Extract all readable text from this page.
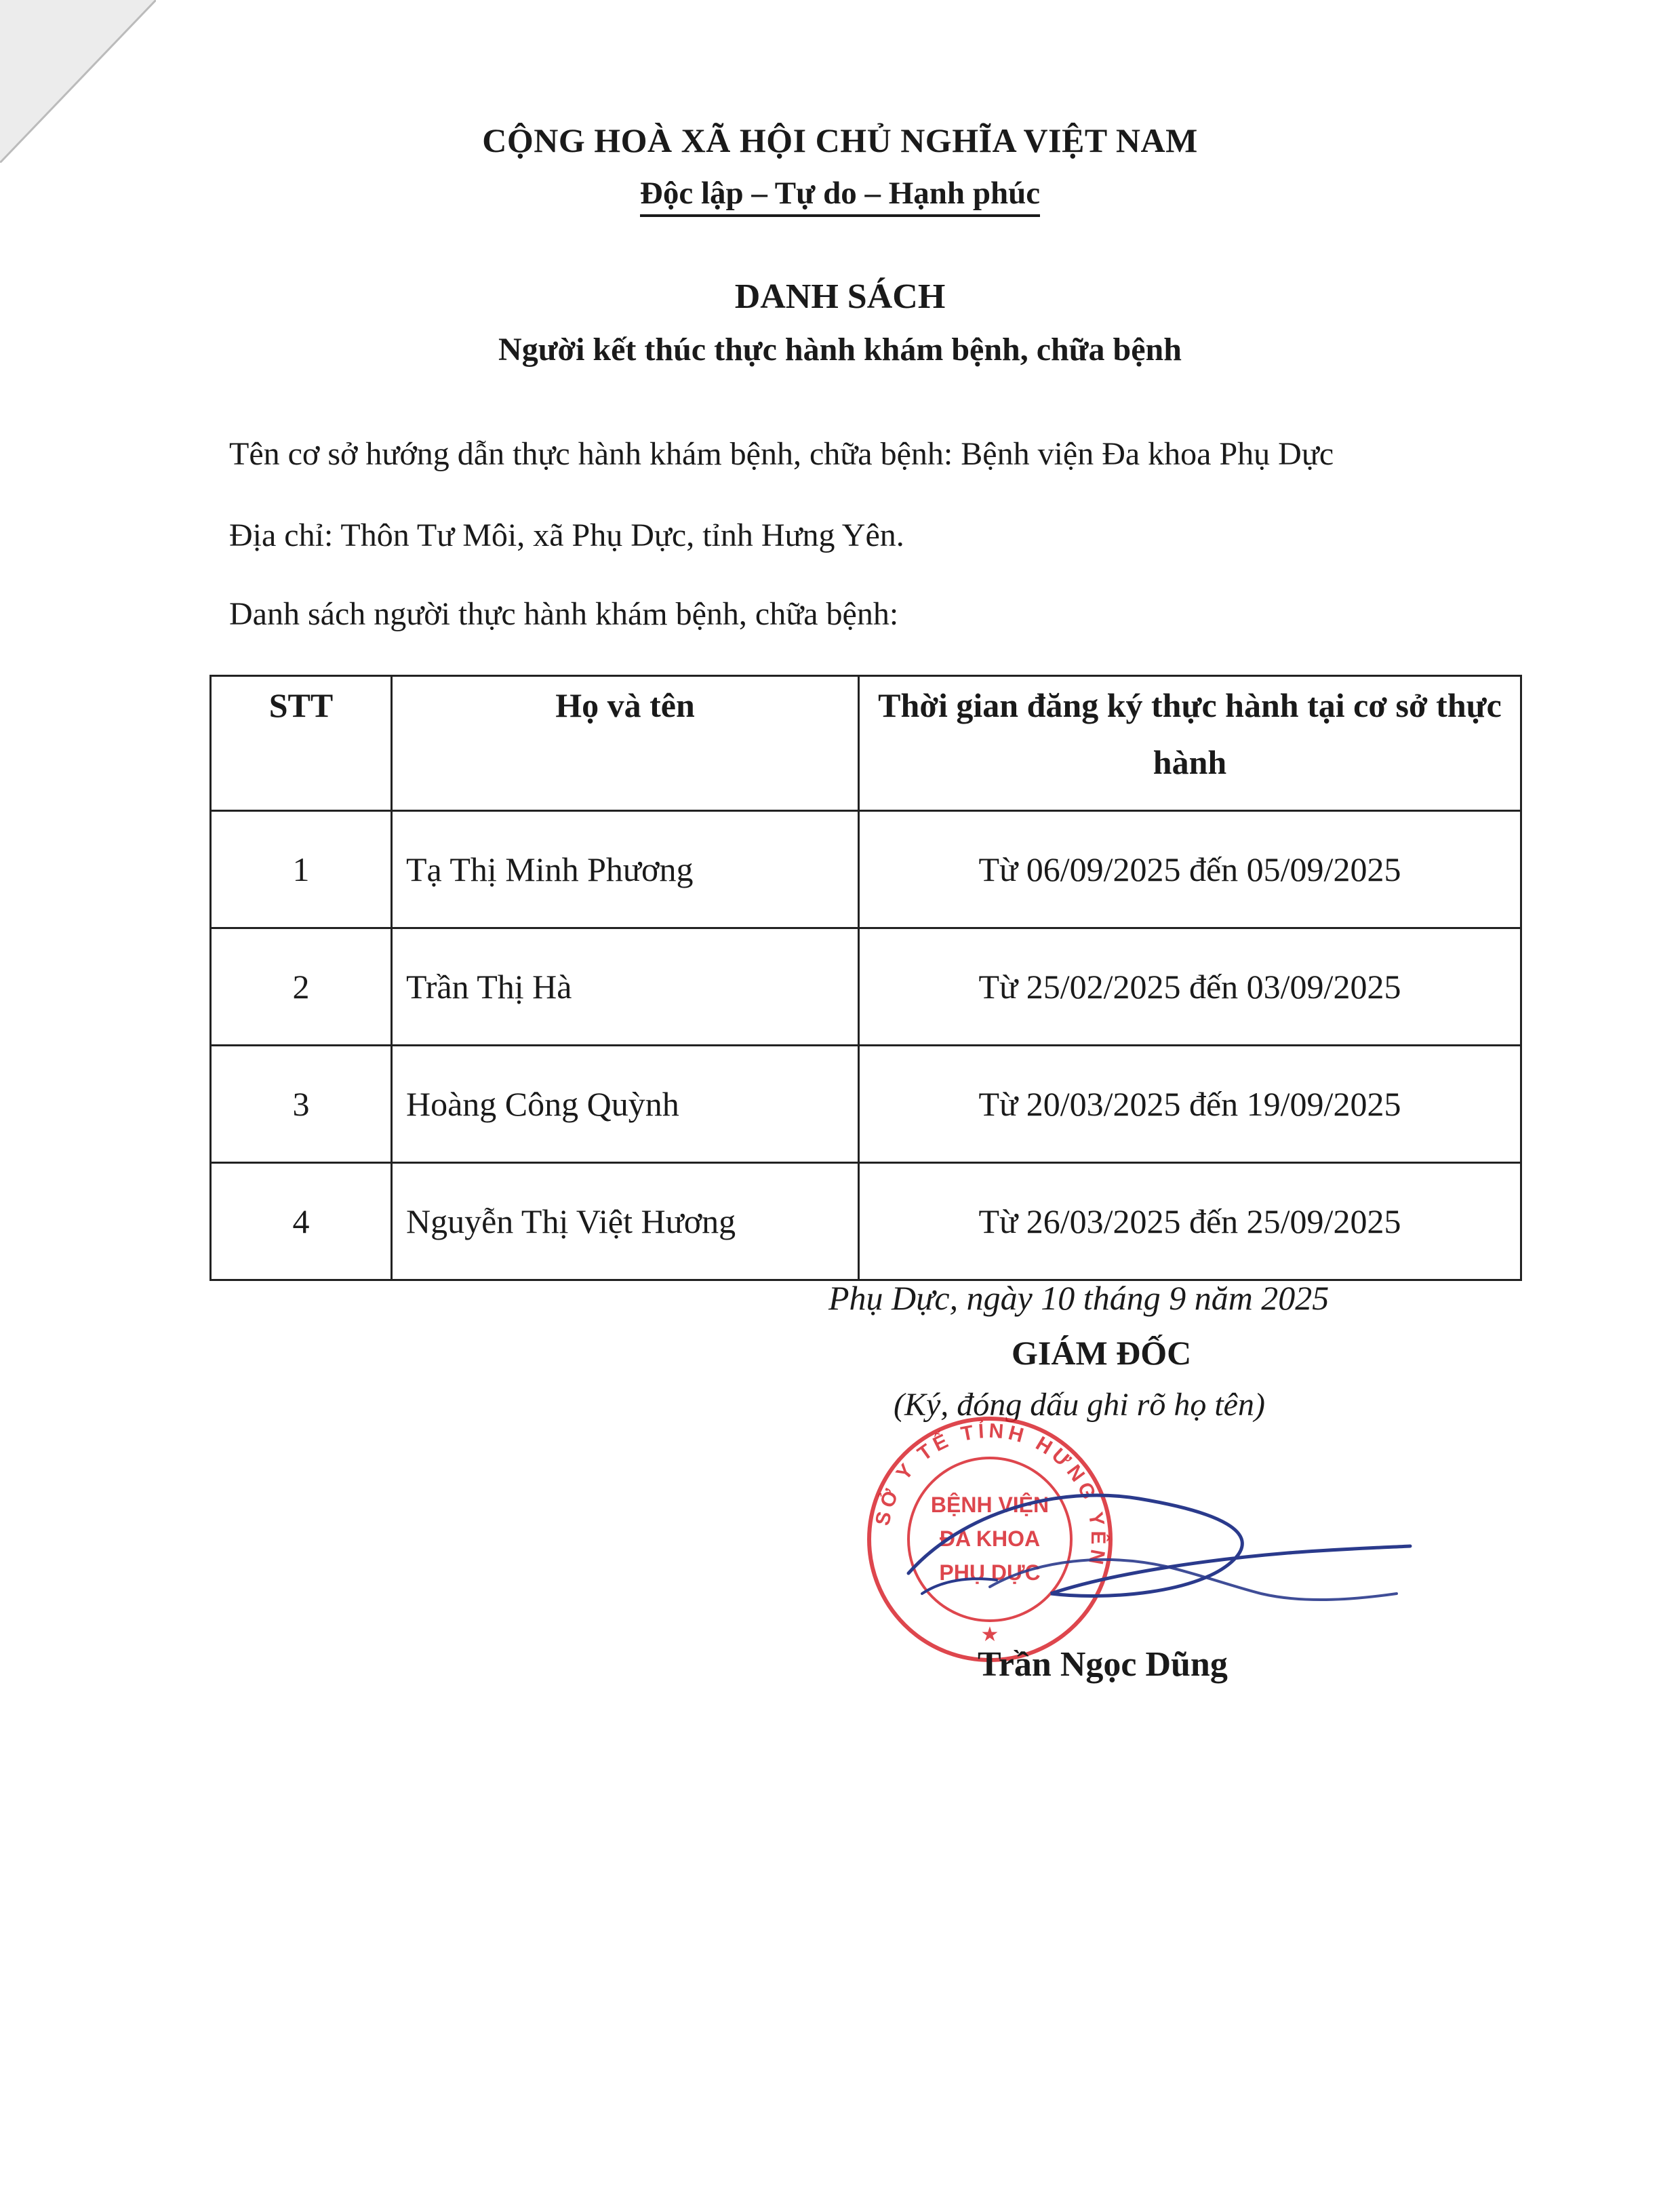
CỘNG HOÀ XÃ HỘI CHỦ NGHĨA VIỆT NAM
Độc lập – Tự do – Hạnh phúc
DANH SÁCH
Người kết thúc thực hành khám bệnh, chữa bệnh
Tên cơ sở hướng dẫn thực hành khám bệnh, chữa bệnh: Bệnh viện Đa khoa Phụ Dực
Địa chỉ: Thôn Tư Môi, xã Phụ Dực, tỉnh Hưng Yên.
Danh sách người thực hành khám bệnh, chữa bệnh:
STT	Họ và tên	Thời gian đăng ký thực hành tại cơ sở thực hành
1	Tạ Thị Minh Phương	Từ 06/09/2025 đến 05/09/2025
2	Trần Thị Hà	Từ 25/02/2025 đến 03/09/2025
3	Hoàng Công Quỳnh	Từ 20/03/2025 đến 19/09/2025
4	Nguyễn Thị Việt Hương	Từ 26/03/2025 đến 25/09/2025
Phụ Dực, ngày 10 tháng 9 năm 2025
GIÁM ĐỐC
(Ký, đóng dấu ghi rõ họ tên)
SỞ Y TẾ TỈNH HƯNG YÊN
BỆNH VIỆN
ĐA KHOA
PHỤ DỰC
★
Trần Ngọc Dũng
